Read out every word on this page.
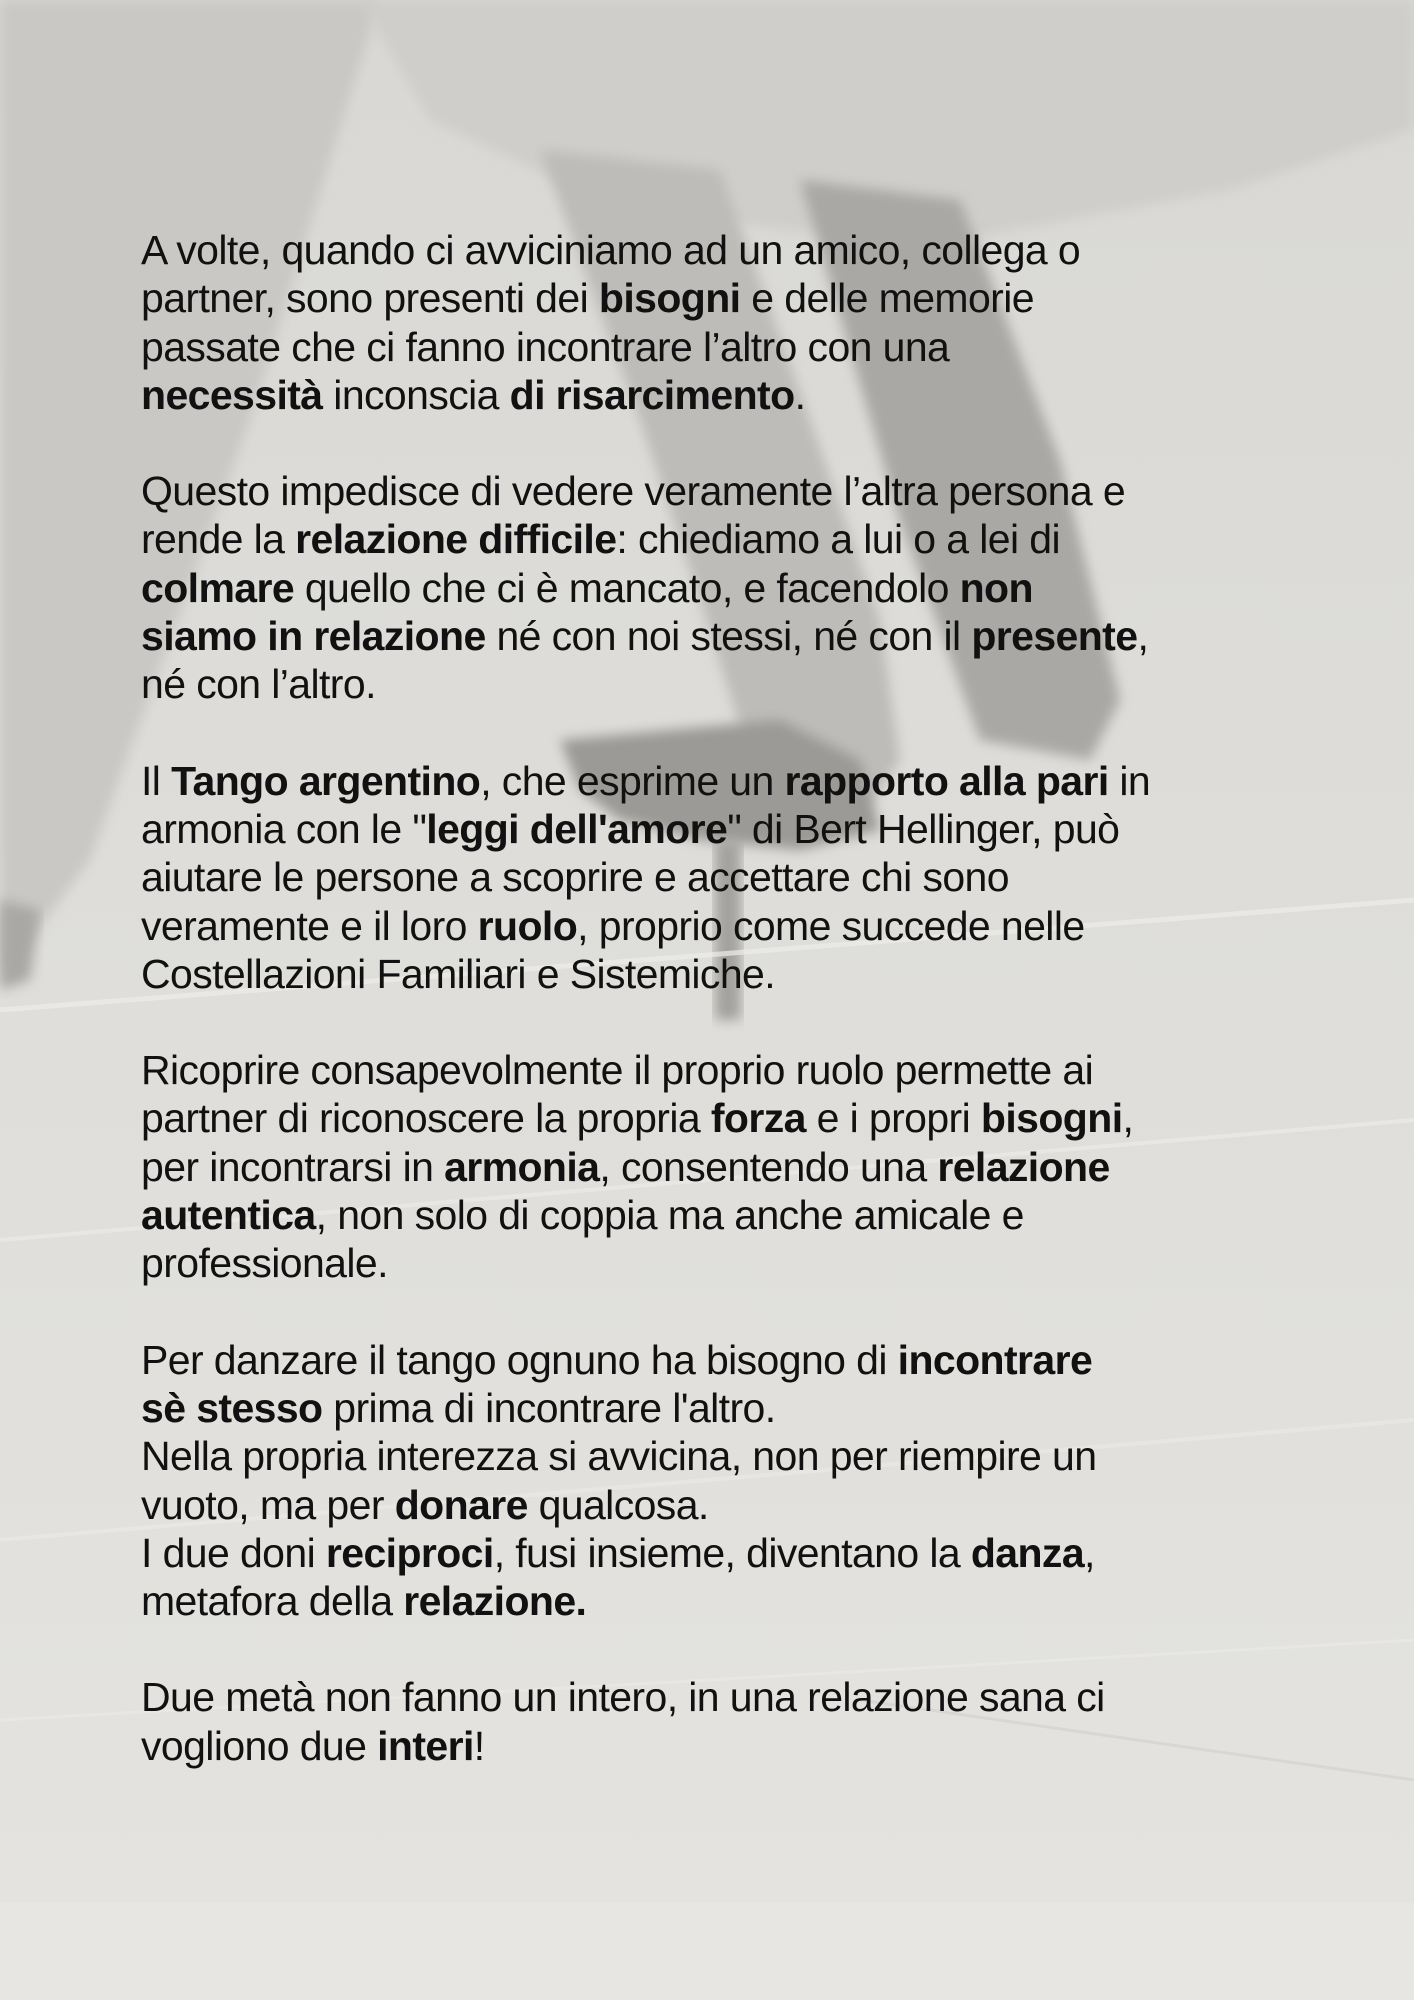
A volte, quando ci avviciniamo ad un amico, collega o
partner, sono presenti dei bisogni e delle memorie
passate che ci fanno incontrare l’altro con una
necessità inconscia di risarcimento.

Questo impedisce di vedere veramente l’altra persona e
rende la relazione difficile: chiediamo a lui o a lei di
colmare quello che ci è mancato, e facendolo non
siamo in relazione né con noi stessi, né con il presente,
né con l’altro.

Il Tango argentino, che esprime un rapporto alla pari in
armonia con le "leggi dell'amore" di Bert Hellinger, può
aiutare le persone a scoprire e accettare chi sono
veramente e il loro ruolo, proprio come succede nelle
Costellazioni Familiari e Sistemiche.

Ricoprire consapevolmente il proprio ruolo permette ai
partner di riconoscere la propria forza e i propri bisogni,
per incontrarsi in armonia, consentendo una relazione
autentica, non solo di coppia ma anche amicale e
professionale.

Per danzare il tango ognuno ha bisogno di incontrare
sè stesso prima di incontrare l'altro.
Nella propria interezza si avvicina, non per riempire un
vuoto, ma per donare qualcosa.
I due doni reciproci, fusi insieme, diventano la danza,
metafora della relazione.

Due metà non fanno un intero, in una relazione sana ci
vogliono due interi!
